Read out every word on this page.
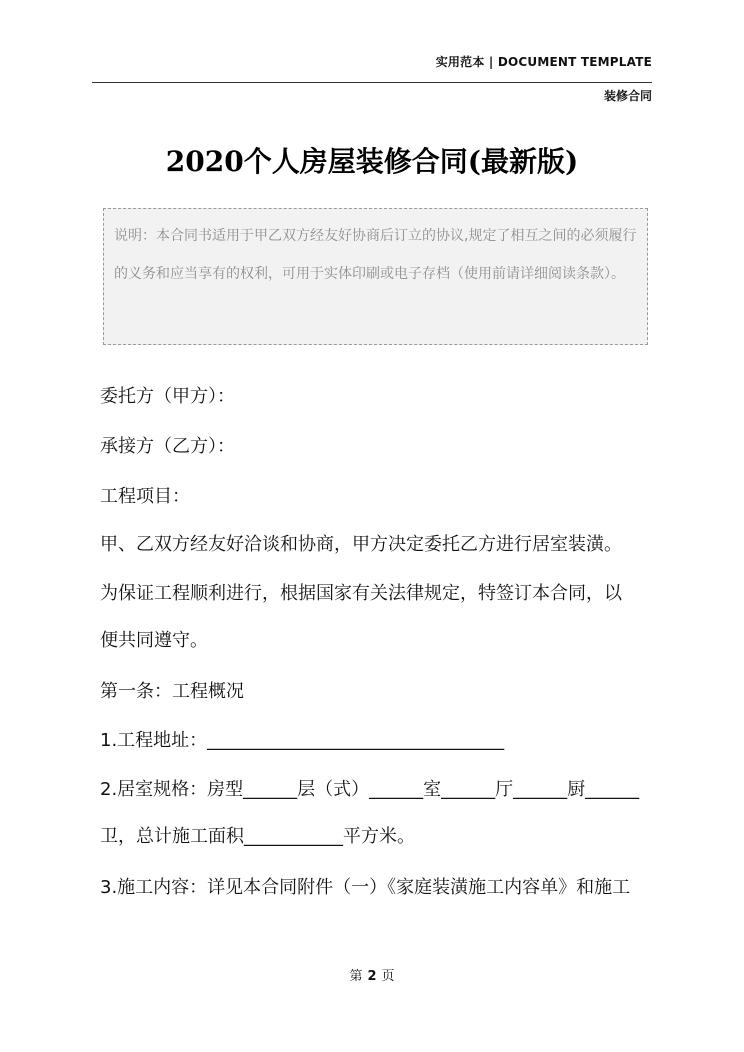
实用范本 | DOCUMENT TEMPLATE
装修合同
2020个人房屋装修合同(最新版)
说明：本合同书适用于甲乙双方经友好协商后订立的协议,规定了相互之间的必须履行的义务和应当享有的权利，可用于实体印刷或电子存档（使用前请详细阅读条款）。
委托方（甲方）：
承接方（乙方）：
工程项目：
甲、乙双方经友好洽谈和协商，甲方决定委托乙方进行居室装潢。
为保证工程顺利进行，根据国家有关法律规定，特签订本合同，以
便共同遵守。
第一条：工程概况
1.工程地址：_________________________________
2.居室规格：房型______层（式）______室______厅______厨______
卫，总计施工面积___________平方米。
3.施工内容：详见本合同附件（一）《家庭装潢施工内容单》和施工
第 2 页
